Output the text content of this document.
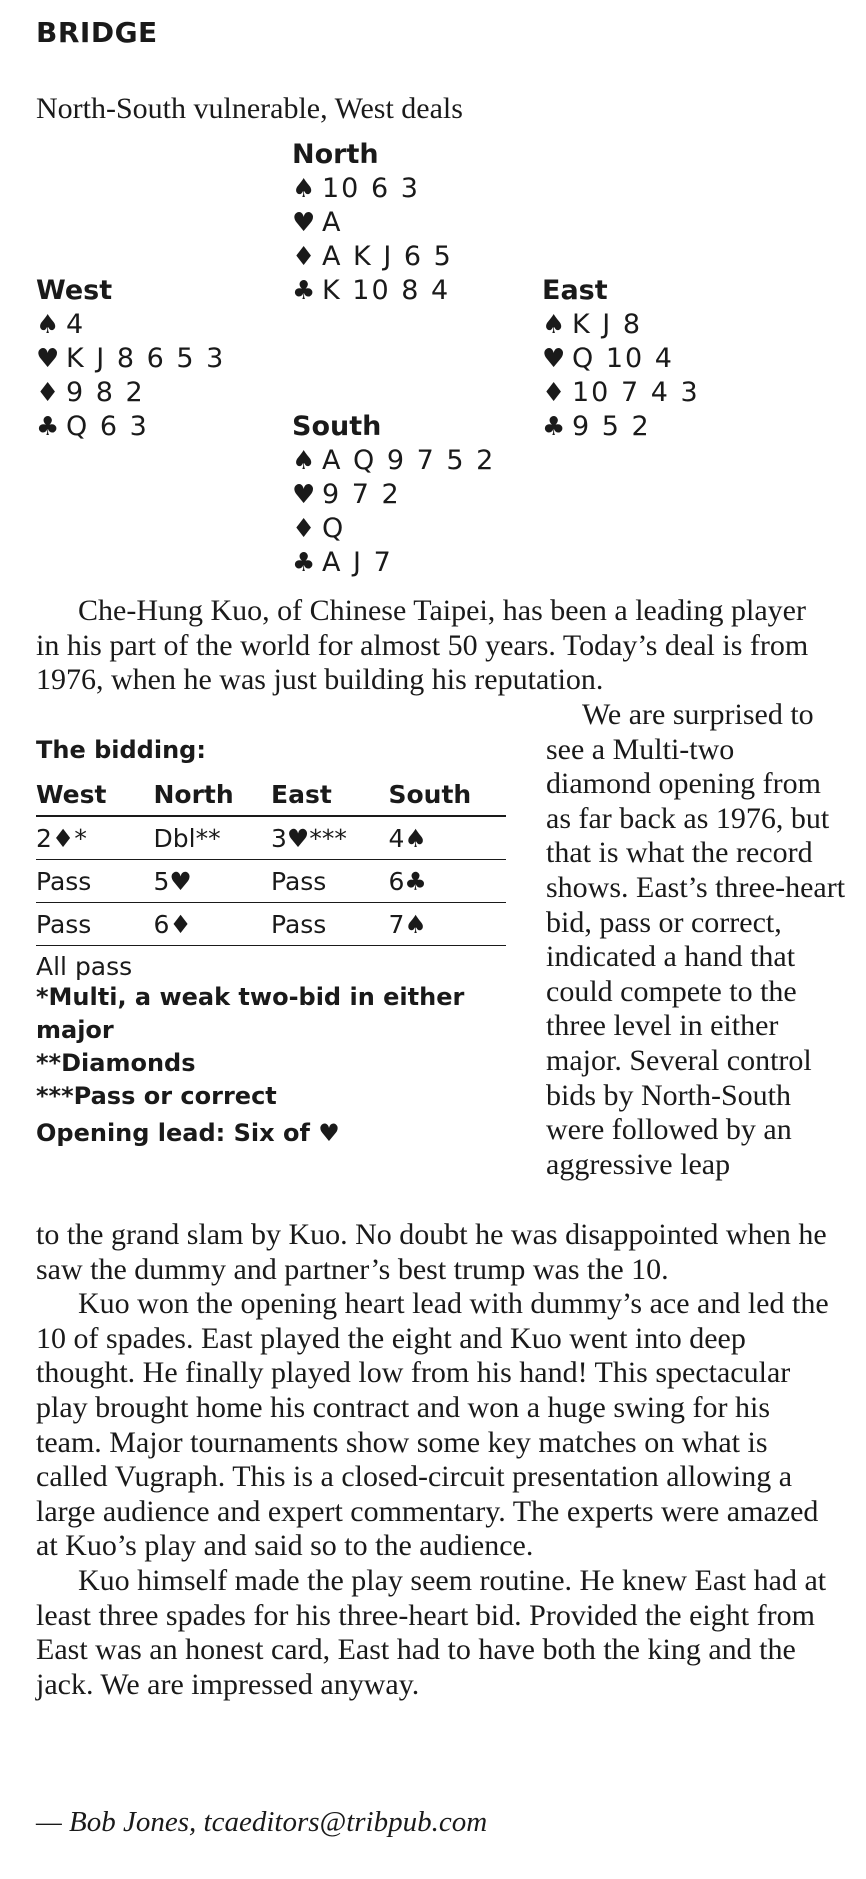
BRIDGE
North-South vulnerable, West deals
North
♠ 10 6 3
♥ A
♦ A K J 6 5
♣ K 10 8 4
West
♠ 4
♥ K J 8 6 5 3
♦ 9 8 2
♣ Q 6 3
East
♠ K J 8
♥ Q 10 4
♦ 10 7 4 3
♣ 9 5 2
South
♠ A Q 9 7 5 2
♥ 9 7 2
♦ Q
♣ A J 7

Che-Hung Kuo, of Chinese Taipei, has been a leading player in his part of the world for almost 50 years. Today’s deal is from 1976, when he was just building his reputation.

The bidding:
West	North	East	South
2♦*	Dbl**	3♥***	4♠
Pass	5♥	Pass	6♣
Pass	6♦	Pass	7♠
All pass
*Multi, a weak two-bid in either major
**Diamonds
***Pass or correct
Opening lead: Six of ♥

We are surprised to see a Multi-two diamond opening from as far back as 1976, but that is what the record shows. East’s three-heart bid, pass or correct, indicated a hand that could compete to the three level in either major. Several control bids by North-South were followed by an aggressive leap

to the grand slam by Kuo. No doubt he was disappointed when he saw the dummy and partner’s best trump was the 10.

Kuo won the opening heart lead with dummy’s ace and led the 10 of spades. East played the eight and Kuo went into deep thought. He finally played low from his hand! This spectacular play brought home his contract and won a huge swing for his team. Major tournaments show some key matches on what is called Vugraph. This is a closed-circuit presentation allowing a large audience and expert commentary. The experts were amazed at Kuo’s play and said so to the audience.

Kuo himself made the play seem routine. He knew East had at least three spades for his three-heart bid. Provided the eight from East was an honest card, East had to have both the king and the jack. We are impressed anyway.

— Bob Jones, tcaeditors@tribpub.com
